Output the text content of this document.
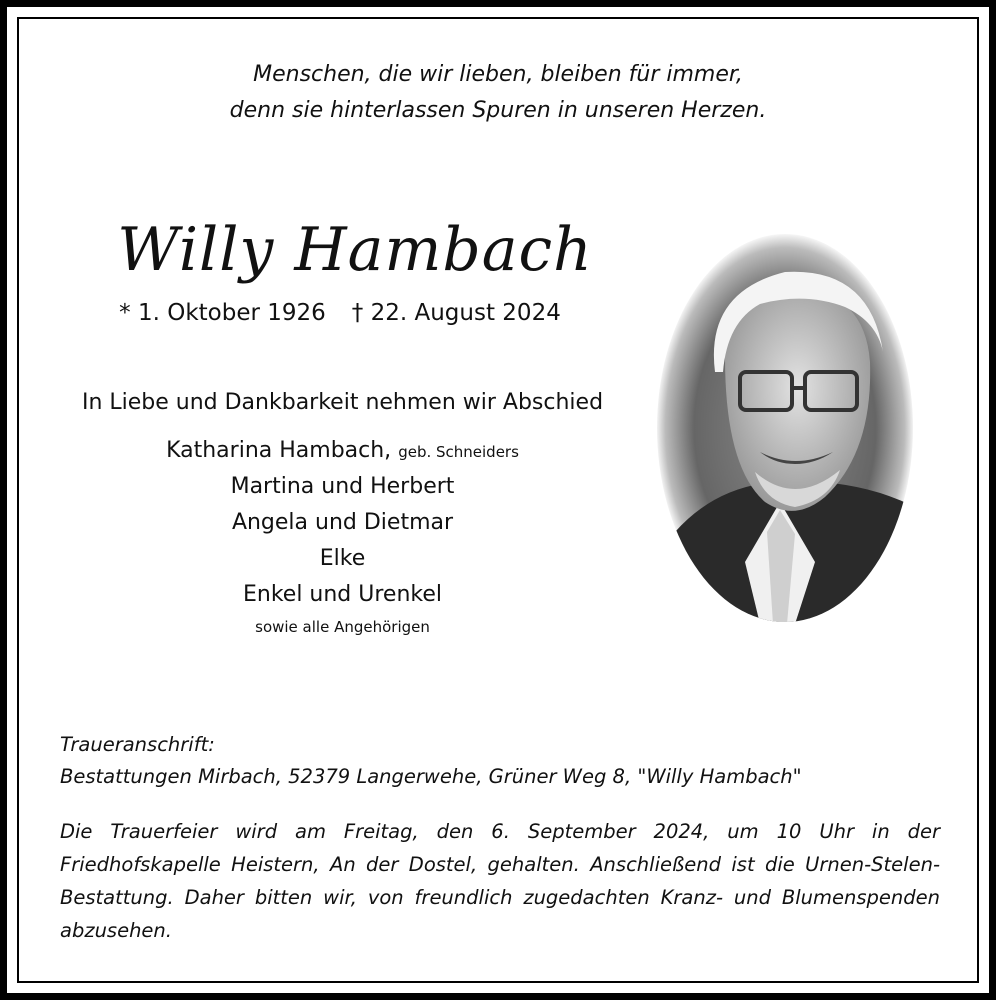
Menschen, die wir lieben, bleiben für immer,
denn sie hinterlassen Spuren in unseren Herzen.
Willy Hambach
* 1. Oktober 1926 † 22. August 2024
In Liebe und Dankbarkeit nehmen wir Abschied
Katharina Hambach, geb. Schneiders
Martina und Herbert
Angela und Dietmar
Elke
Enkel und Urenkel
sowie alle Angehörigen
Traueranschrift:
Bestattungen Mirbach, 52379 Langerwehe, Grüner Weg 8, "Willy Hambach"
Die Trauerfeier wird am Freitag, den 6. September 2024, um 10 Uhr in der Friedhofskapelle Heistern, An der Dostel, gehalten. Anschließend ist die Urnen-Stelen-Bestattung. Daher bitten wir, von freundlich zugedachten Kranz- und Blumenspenden abzusehen.
